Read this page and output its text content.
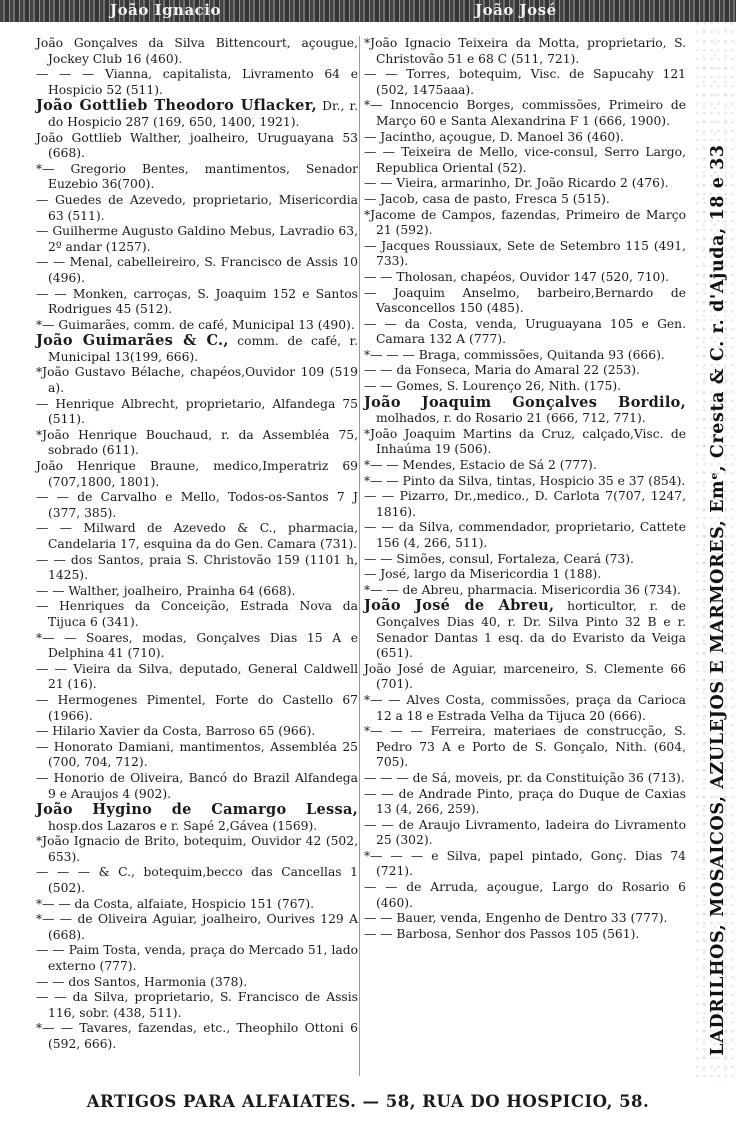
João Ignacio	João José

João Gonçalves da Silva Bittencourt, açougue, Jockey Club 16 (460).

— — — Vianna, capitalista, Livramento 64 e Hospicio 52 (511).

João Gottlieb Theodoro Uflacker, Dr., r. do Hospicio 287 (169, 650, 1400, 1921).

João Gottlieb Walther, joalheiro, Uruguayana 53 (668).

*— Gregorio Bentes, mantimentos, Senador Euzebio 36(700).

— Guedes de Azevedo, proprietario, Misericordia 63 (511).

— Guilherme Augusto Galdino Mebus, Lavradio 63, 2º andar (1257).

— — Menal, cabelleireiro, S. Francisco de Assis 10 (496).

— — Monken, carroças, S. Joaquim 152 e Santos Rodrigues 45 (512).

*— Guimarães, comm. de café, Municipal 13 (490).

João Guimarães & C., comm. de café, r. Municipal 13(199, 666).

*João Gustavo Bélache, chapéos,Ouvidor 109 (519 a).

— Henrique Albrecht, proprietario, Alfandega 75 (511).

*João Henrique Bouchaud, r. da Assembléa 75, sobrado (611).

João Henrique Braune, medico,Imperatriz 69 (707,1800, 1801).

— — de Carvalho e Mello, Todos-os-Santos 7 J (377, 385).

— — Milward de Azevedo & C., pharmacia, Candelaria 17, esquina da do Gen. Camara (731).

— — dos Santos, praia S. Christovão 159 (1101 h, 1425).

— — Walther, joalheiro, Prainha 64 (668).

— Henriques da Conceição, Estrada Nova da Tijuca 6 (341).

*— — Soares, modas, Gonçalves Dias 15 A e Delphina 41 (710).

— — Vieira da Silva, deputado, General Caldwell 21 (16).

— Hermogenes Pimentel, Forte do Castello 67 (1966).

— Hilario Xavier da Costa, Barroso 65 (966).

— Honorato Damiani, mantimentos, Assembléa 25 (700, 704, 712).

— Honorio de Oliveira, Bancó do Brazil Alfandega 9 e Araujos 4 (902).

João Hygino de Camargo Lessa, hosp.dos Lazaros e r. Sapé 2,Gávea (1569).

*João Ignacio de Brito, botequim, Ouvidor 42 (502, 653).

— — — & C., botequim,becco das Cancellas 1 (502).

*— — da Costa, alfaiate, Hospicio 151 (767).

*— — de Oliveira Aguiar, joalheiro, Ourives 129 A (668).

— — Paim Tosta, venda, praça do Mercado 51, lado externo (777).

— — dos Santos, Harmonia (378).

— — da Silva, proprietario, S. Francisco de Assis 116, sobr. (438, 511).

*— — Tavares, fazendas, etc., Theophilo Ottoni 6 (592, 666).

*João Ignacio Teixeira da Motta, proprietario, S. Christovão 51 e 68 C (511, 721).

— — Torres, botequim, Visc. de Sapucahy 121 (502, 1475aaa).

*— Innocencio Borges, commissões, Primeiro de Março 60 e Santa Alexandrina F 1 (666, 1900).

— Jacintho, açougue, D. Manoel 36 (460).

— — Teixeira de Mello, vice-consul, Serro Largo, Republica Oriental (52).

— — Vieira, armarinho, Dr. João Ricardo 2 (476).

— Jacob, casa de pasto, Fresca 5 (515).

*Jacome de Campos, fazendas, Primeiro de Março 21 (592).

— Jacques Roussiaux, Sete de Setembro 115 (491, 733).

— — Tholosan, chapéos, Ouvidor 147 (520, 710).

— Joaquim Anselmo, barbeiro,Bernardo de Vasconcellos 150 (485).

— — da Costa, venda, Uruguayana 105 e Gen. Camara 132 A (777).

*— — — Braga, commissões, Quitanda 93 (666).

— — da Fonseca, Maria do Amaral 22 (253).

— — Gomes, S. Lourenço 26, Nith. (175).

João Joaquim Gonçalves Bordilo, molhados, r. do Rosario 21 (666, 712, 771).

*João Joaquim Martins da Cruz, calçado,Visc. de Inhaúma 19 (506).

*— — Mendes, Estacio de Sá 2 (777).

*— — Pinto da Silva, tintas, Hospicio 35 e 37 (854).

— — Pizarro, Dr.,medico., D. Carlota 7(707, 1247, 1816).

— — da Silva, commendador, proprietario, Cattete 156 (4, 266, 511).

— — Simões, consul, Fortaleza, Ceará (73).

— José, largo da Misericordia 1 (188).

*— — de Abreu, pharmacia. Misericordia 36 (734).

João José de Abreu, horticultor, r. de Gonçalves Dias 40, r. Dr. Silva Pinto 32 B e r. Senador Dantas 1 esq. da do Evaristo da Veiga (651).

João José de Aguiar, marceneiro, S. Clemente 66 (701).

*— — Alves Costa, commissões, praça da Carioca 12 a 18 e Estrada Velha da Tijuca 20 (666).

*— — — Ferreira, materiaes de construcção, S. Pedro 73 A e Porto de S. Gonçalo, Nith. (604, 705).

— — — de Sá, moveis, pr. da Constituição 36 (713).

— — de Andrade Pinto, praça do Duque de Caxias 13 (4, 266, 259).

— — de Araujo Livramento, ladeira do Livramento 25 (302).

*— — — e Silva, papel pintado, Gonç. Dias 74 (721).

— — de Arruda, açougue, Largo do Rosario 6 (460).

— — Bauer, venda, Engenho de Dentro 33 (777).

— — Barbosa, Senhor dos Passos 105 (561).	LADRILHOS, MOSAICOS, AZULEJOS E MARMORES, Emᵉ, Cresta & C. r. d'Ajuda, 18 e 33
ARTIGOS PARA ALFAIATES. — 58, RUA DO HOSPICIO, 58.
